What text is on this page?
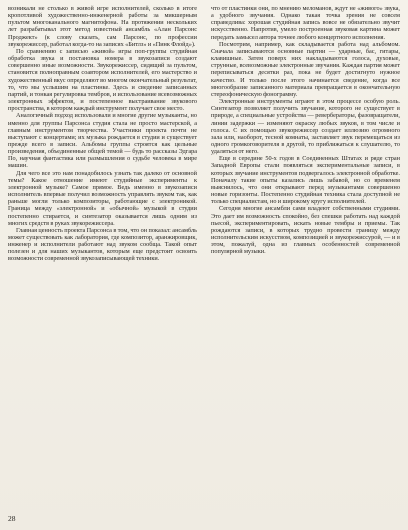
возникали не столько в живой игре исполнителей, сколько в итоге кропотливой художественно-инженерной работы за микшерным пультом многоканального магнитофона. На протяжении нескольких лет разрабатывал этот метод известный ансамбль «Алан Парсонс Проджект» (к слову сказать, сам Парсонс, по профессии звукорежиссер, работал когда-то на записях «Битлз» и «Пинк Флойд»).

По сравнению с записью «живой» игры поп-группы студийная обработка звука и постановка номера в звукозаписи создают совершенно иные возможности. Звукорежиссер, сидящий за пультом, становится полноправным соавтором исполнителей, его мастерство и художественный вкус определяют во многом окончательный результат, то, что мы услышим на пластинке. Здесь и сведение записанных партий, и тонкая регулировка тембров, и использование всевозможных электронных эффектов, и постепенное выстраивание звукового пространства, в котором каждый инструмент получает свое место.

Аналогичный подход использовали и многие другие музыканты, но именно для группы Парсонса студия стала не просто мастерской, а главным инструментом творчества. Участники проекта почти не выступают с концертами; их музыка рождается в студии и существует прежде всего в записи. Альбомы группы строятся как цельные произведения, объединенные общей темой — будь то рассказы Эдгара По, научная фантастика или размышления о судьбе человека в мире машин.

Для чего все это нам понадобилось узнать так далеко от основной темы? Какое отношение имеют студийные эксперименты к электронной музыке? Самое прямое. Ведь именно в звукозаписи исполнитель впервые получил возможность управлять звуком так, как раньше могли только композиторы, работающие с электроникой. Граница между «электронной» и «обычной» музыкой в студии постепенно стирается, и синтезатор оказывается лишь одним из многих средств в руках звукорежиссера.

Главная ценность проекта Парсонса в том, что он показал: ансамбль может существовать как лаборатория, где композитор, аранжировщик, инженер и исполнители работают над звуком сообща. Такой опыт полезен и для наших музыкантов, которым еще предстоит освоить возможности современной звукозаписывающей техники.

что от пластинки они, по мнению меломанов, ждут не «живого» звука, а удобного звучания. Однако такая точка зрения не совсем справедлива: хорошая студийная запись вовсе не обязательно звучит искусственно. Напротив, умело построенная звуковая картина может передать замысел автора точнее любого концертного исполнения.

Посмотрим, например, как складывается работа над альбомом. Сначала записываются основные партии — ударные, бас, гитары, клавишные. Затем поверх них накладываются голоса, духовые, струнные, всевозможные электронные звучания. Каждая партия может переписываться десятки раз, пока не будет достигнуто нужное качество. И только после этого начинается сведение, когда все многообразие записанного материала превращается в окончательную стереофоническую фонограмму.

Электронные инструменты играют в этом процессе особую роль. Синтезатор позволяет получить звучание, которого не существует в природе, а специальные устройства — ревербераторы, фазовращатели, линии задержки — изменяют окраску любых звуков, в том числе и голоса. С их помощью звукорежиссер создает иллюзию огромного зала или, наоборот, тесной комнаты, заставляет звук перемещаться из одного громкоговорителя в другой, то приближаться к слушателю, то удаляться от него.

Еще в середине 50-х годов в Соединенных Штатах и ряде стран Западной Европы стали появляться экспериментальные записи, в которых звучание инструментов подвергалось электронной обработке. Поначалу такие опыты казались лишь забавой, но со временем выяснилось, что они открывают перед музыкантами совершенно новые горизонты. Постепенно студийная техника стала доступной не только специалистам, но и широкому кругу исполнителей.

Сегодня многие ансамбли сами владеют собственными студиями. Это дает им возможность спокойно, без спешки работать над каждой пьесой, экспериментировать, искать новые тембры и приемы. Так рождаются записи, в которых трудно провести границу между исполнительским искусством, композицией и звукорежиссурой, — и в этом, пожалуй, одна из главных особенностей современной популярной музыки.

28
